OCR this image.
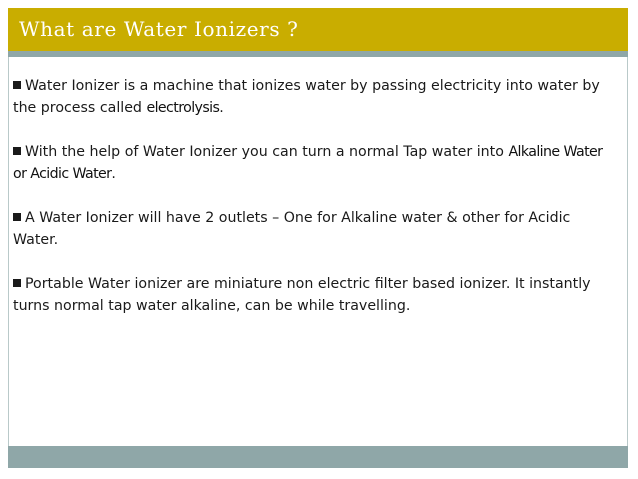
What are Water Ionizers ?
Water Ionizer is a machine that ionizes water by passing electricity into water by the process called electrolysis.
With the help of Water Ionizer you can turn a normal Tap water into Alkaline Water or Acidic Water.
A Water Ionizer will have 2 outlets – One for Alkaline water & other for Acidic Water.
Portable Water ionizer are miniature non electric filter based ionizer. It instantly turns normal tap water alkaline, can be while travelling.
